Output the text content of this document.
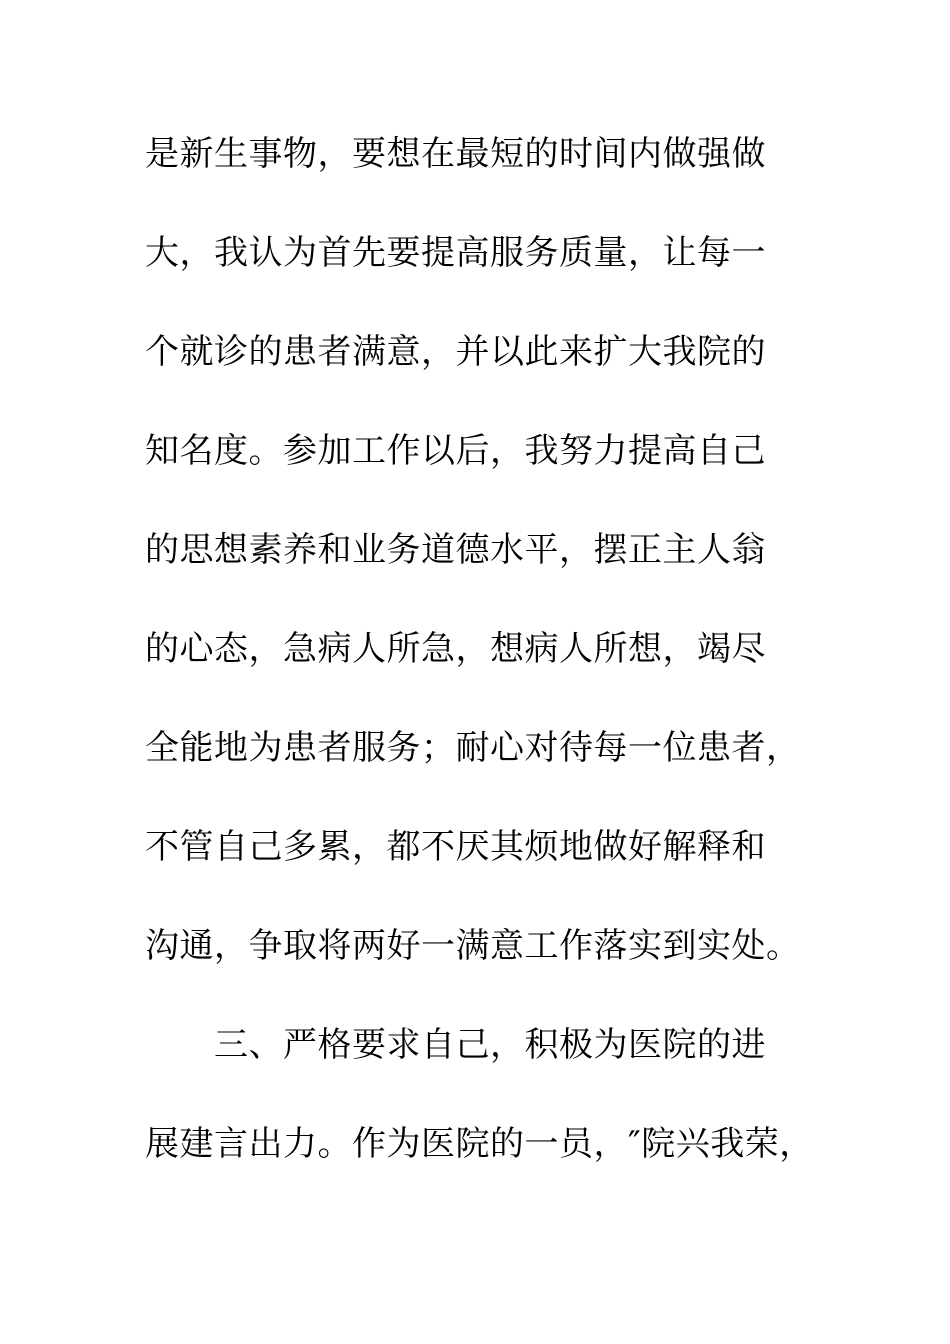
是新生事物，要想在最短的时间内做强做
大，我认为首先要提高服务质量，让每一
个就诊的患者满意，并以此来扩大我院的
知名度。参加工作以后，我努力提高自己
的思想素养和业务道德水平，摆正主人翁
的心态，急病人所急，想病人所想，竭尽
全能地为患者服务；耐心对待每一位患者，
不管自己多累，都不厌其烦地做好解释和
沟通，争取将两好一满意工作落实到实处。
三、严格要求自己，积极为医院的进
展建言出力。作为医院的一员，″院兴我荣，
